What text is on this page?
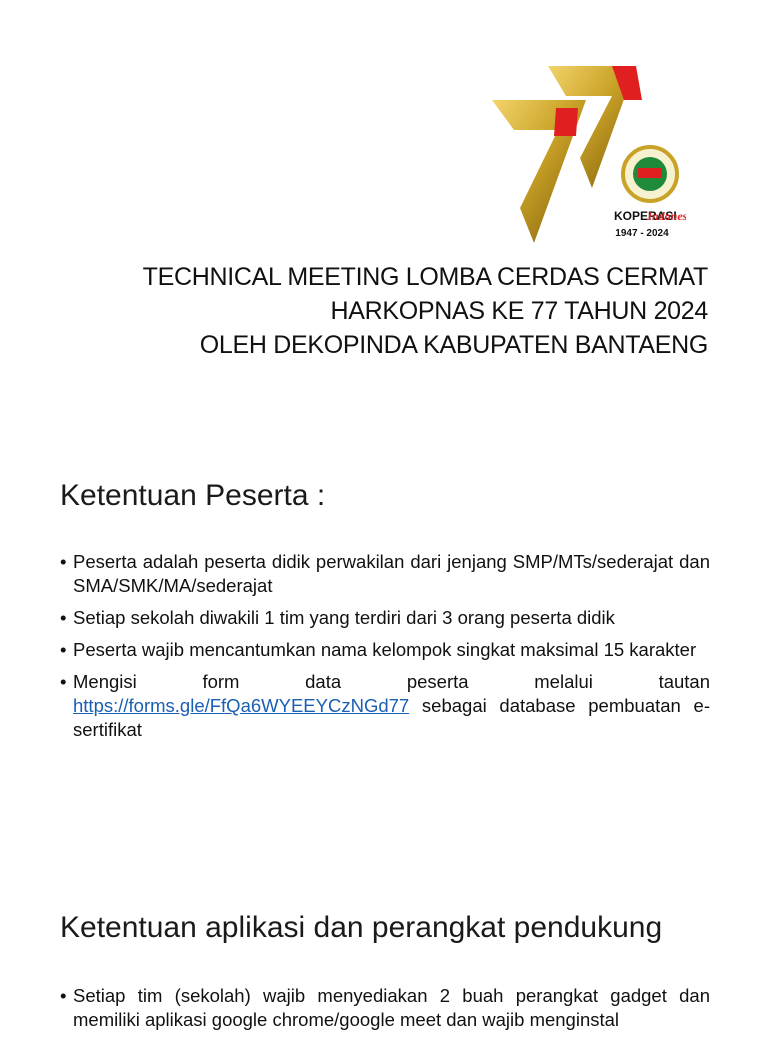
KOPERASI
Indone
1947 - 2024
TECHNICAL MEETING LOMBA CERDAS CERMAT
HARKOPNAS KE 77 TAHUN 2024
OLEH DEKOPINDA KABUPATEN BANTAENG
Ketentuan Peserta :
• Peserta adalah peserta didik perwakilan dari jenjang SMP/MTs/sederajat dan SMA/SMK/MA/sederajat
• Setiap sekolah diwakili 1 tim yang terdiri dari 3 orang peserta didik
• Peserta wajib mencantumkan nama kelompok singkat maksimal 15 karakter
• Mengisi form data peserta melalui tautan https://forms.gle/FfQa6WYEEYCzNGd77 sebagai database pembuatan e-sertifikat
Ketentuan aplikasi dan perangkat pendukung
• Setiap tim (sekolah) wajib menyediakan 2 buah perangkat gadget dan memiliki aplikasi google chrome/google meet dan wajib menginstal
